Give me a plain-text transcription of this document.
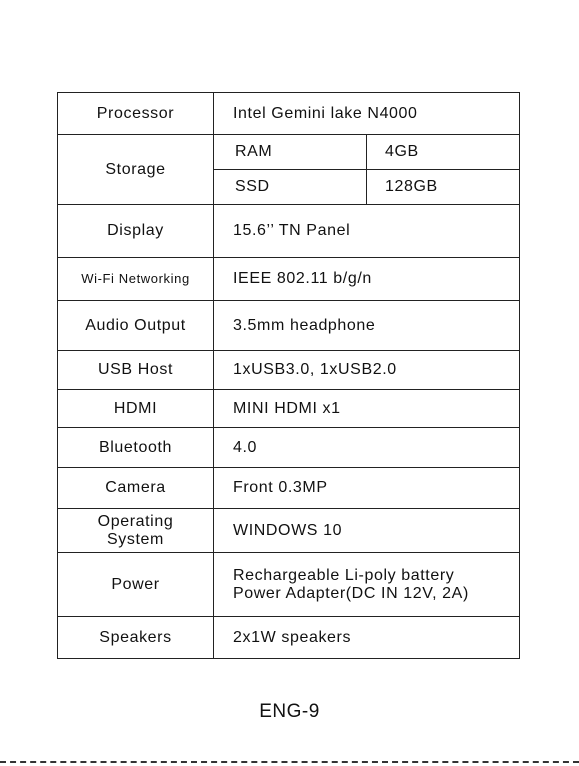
Processor	Intel Gemini lake N4000	
Storage	RAM	4GB
	SSD	128GB
Display	15.6’’ TN Panel	
Wi-Fi Networking	IEEE 802.11 b/g/n	
Audio Output	3.5mm headphone	
USB Host	1xUSB3.0, 1xUSB2.0	
HDMI	MINI HDMI x1	
Bluetooth	4.0	
Camera	Front 0.3MP	

Operating
System	WINDOWS 10	
Power	Rechargeable Li-poly battery
Power Adapter(DC IN 12V, 2A)	

Speakers	2x1W speakers	
ENG-9
